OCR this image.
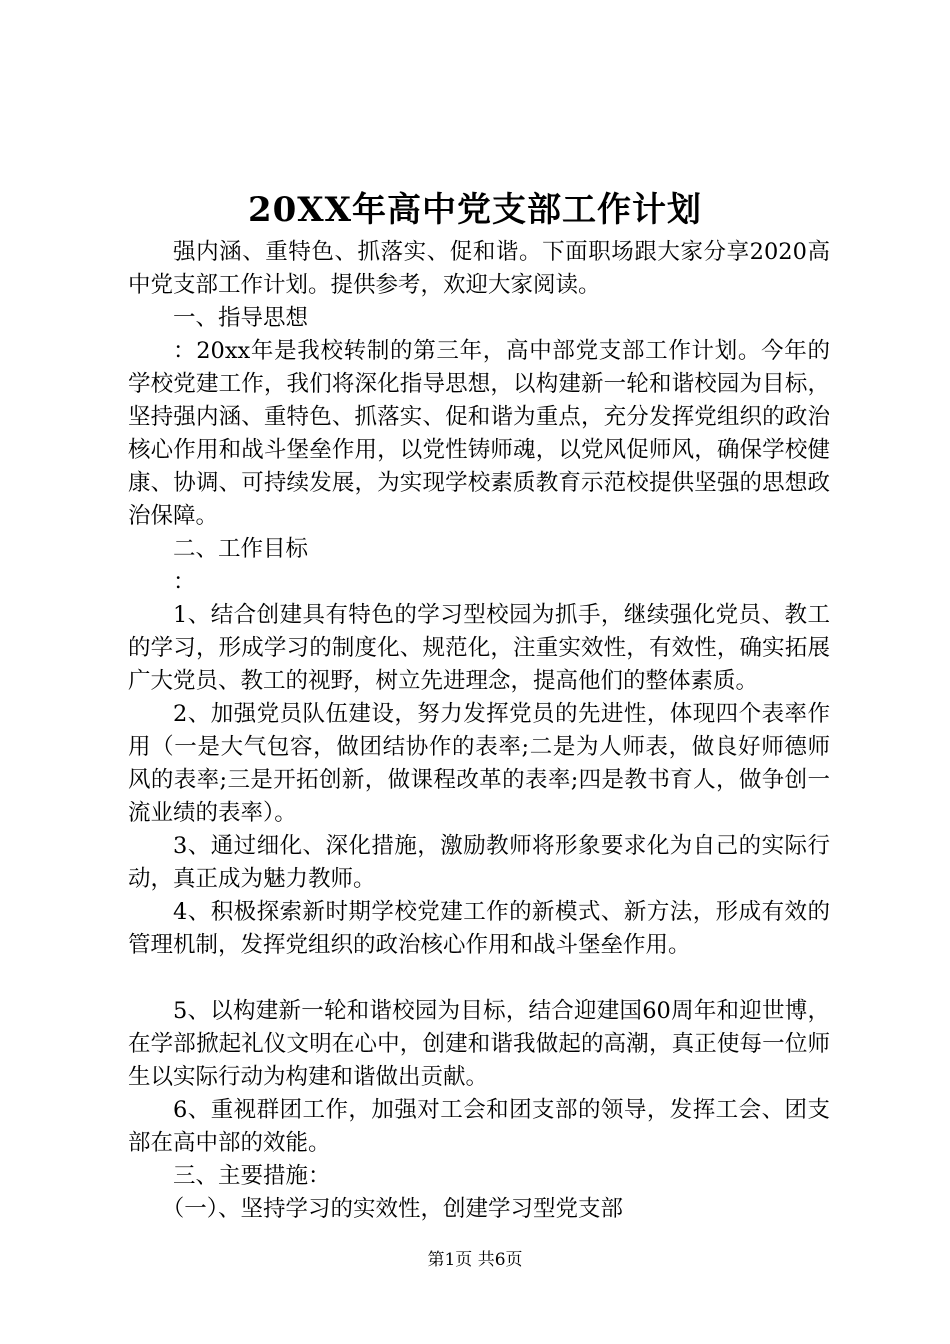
20XX年高中党支部工作计划

强内涵、重特色、抓落实、促和谐。下面职场跟大家分享2020高中党支部工作计划。提供参考，欢迎大家阅读。

一、指导思想

：20xx年是我校转制的第三年，高中部党支部工作计划。今年的学校党建工作，我们将深化指导思想，以构建新一轮和谐校园为目标，坚持强内涵、重特色、抓落实、促和谐为重点，充分发挥党组织的政治核心作用和战斗堡垒作用，以党性铸师魂，以党风促师风，确保学校健康、协调、可持续发展，为实现学校素质教育示范校提供坚强的思想政治保障。

二、工作目标

：

1、结合创建具有特色的学习型校园为抓手，继续强化党员、教工的学习，形成学习的制度化、规范化，注重实效性，有效性，确实拓展广大党员、教工的视野，树立先进理念，提高他们的整体素质。

2、加强党员队伍建设，努力发挥党员的先进性，体现四个表率作用（一是大气包容，做团结协作的表率;二是为人师表，做良好师德师风的表率;三是开拓创新，做课程改革的表率;四是教书育人，做争创一流业绩的表率）。

3、通过细化、深化措施，激励教师将形象要求化为自己的实际行动，真正成为魅力教师。

4、积极探索新时期学校党建工作的新模式、新方法，形成有效的管理机制，发挥党组织的政治核心作用和战斗堡垒作用。

5、以构建新一轮和谐校园为目标，结合迎建国60周年和迎世博，在学部掀起礼仪文明在心中，创建和谐我做起的高潮，真正使每一位师生以实际行动为构建和谐做出贡献。

6、重视群团工作，加强对工会和团支部的领导，发挥工会、团支部在高中部的效能。

三、主要措施：

（一）、坚持学习的实效性，创建学习型党支部

第1页 共6页
